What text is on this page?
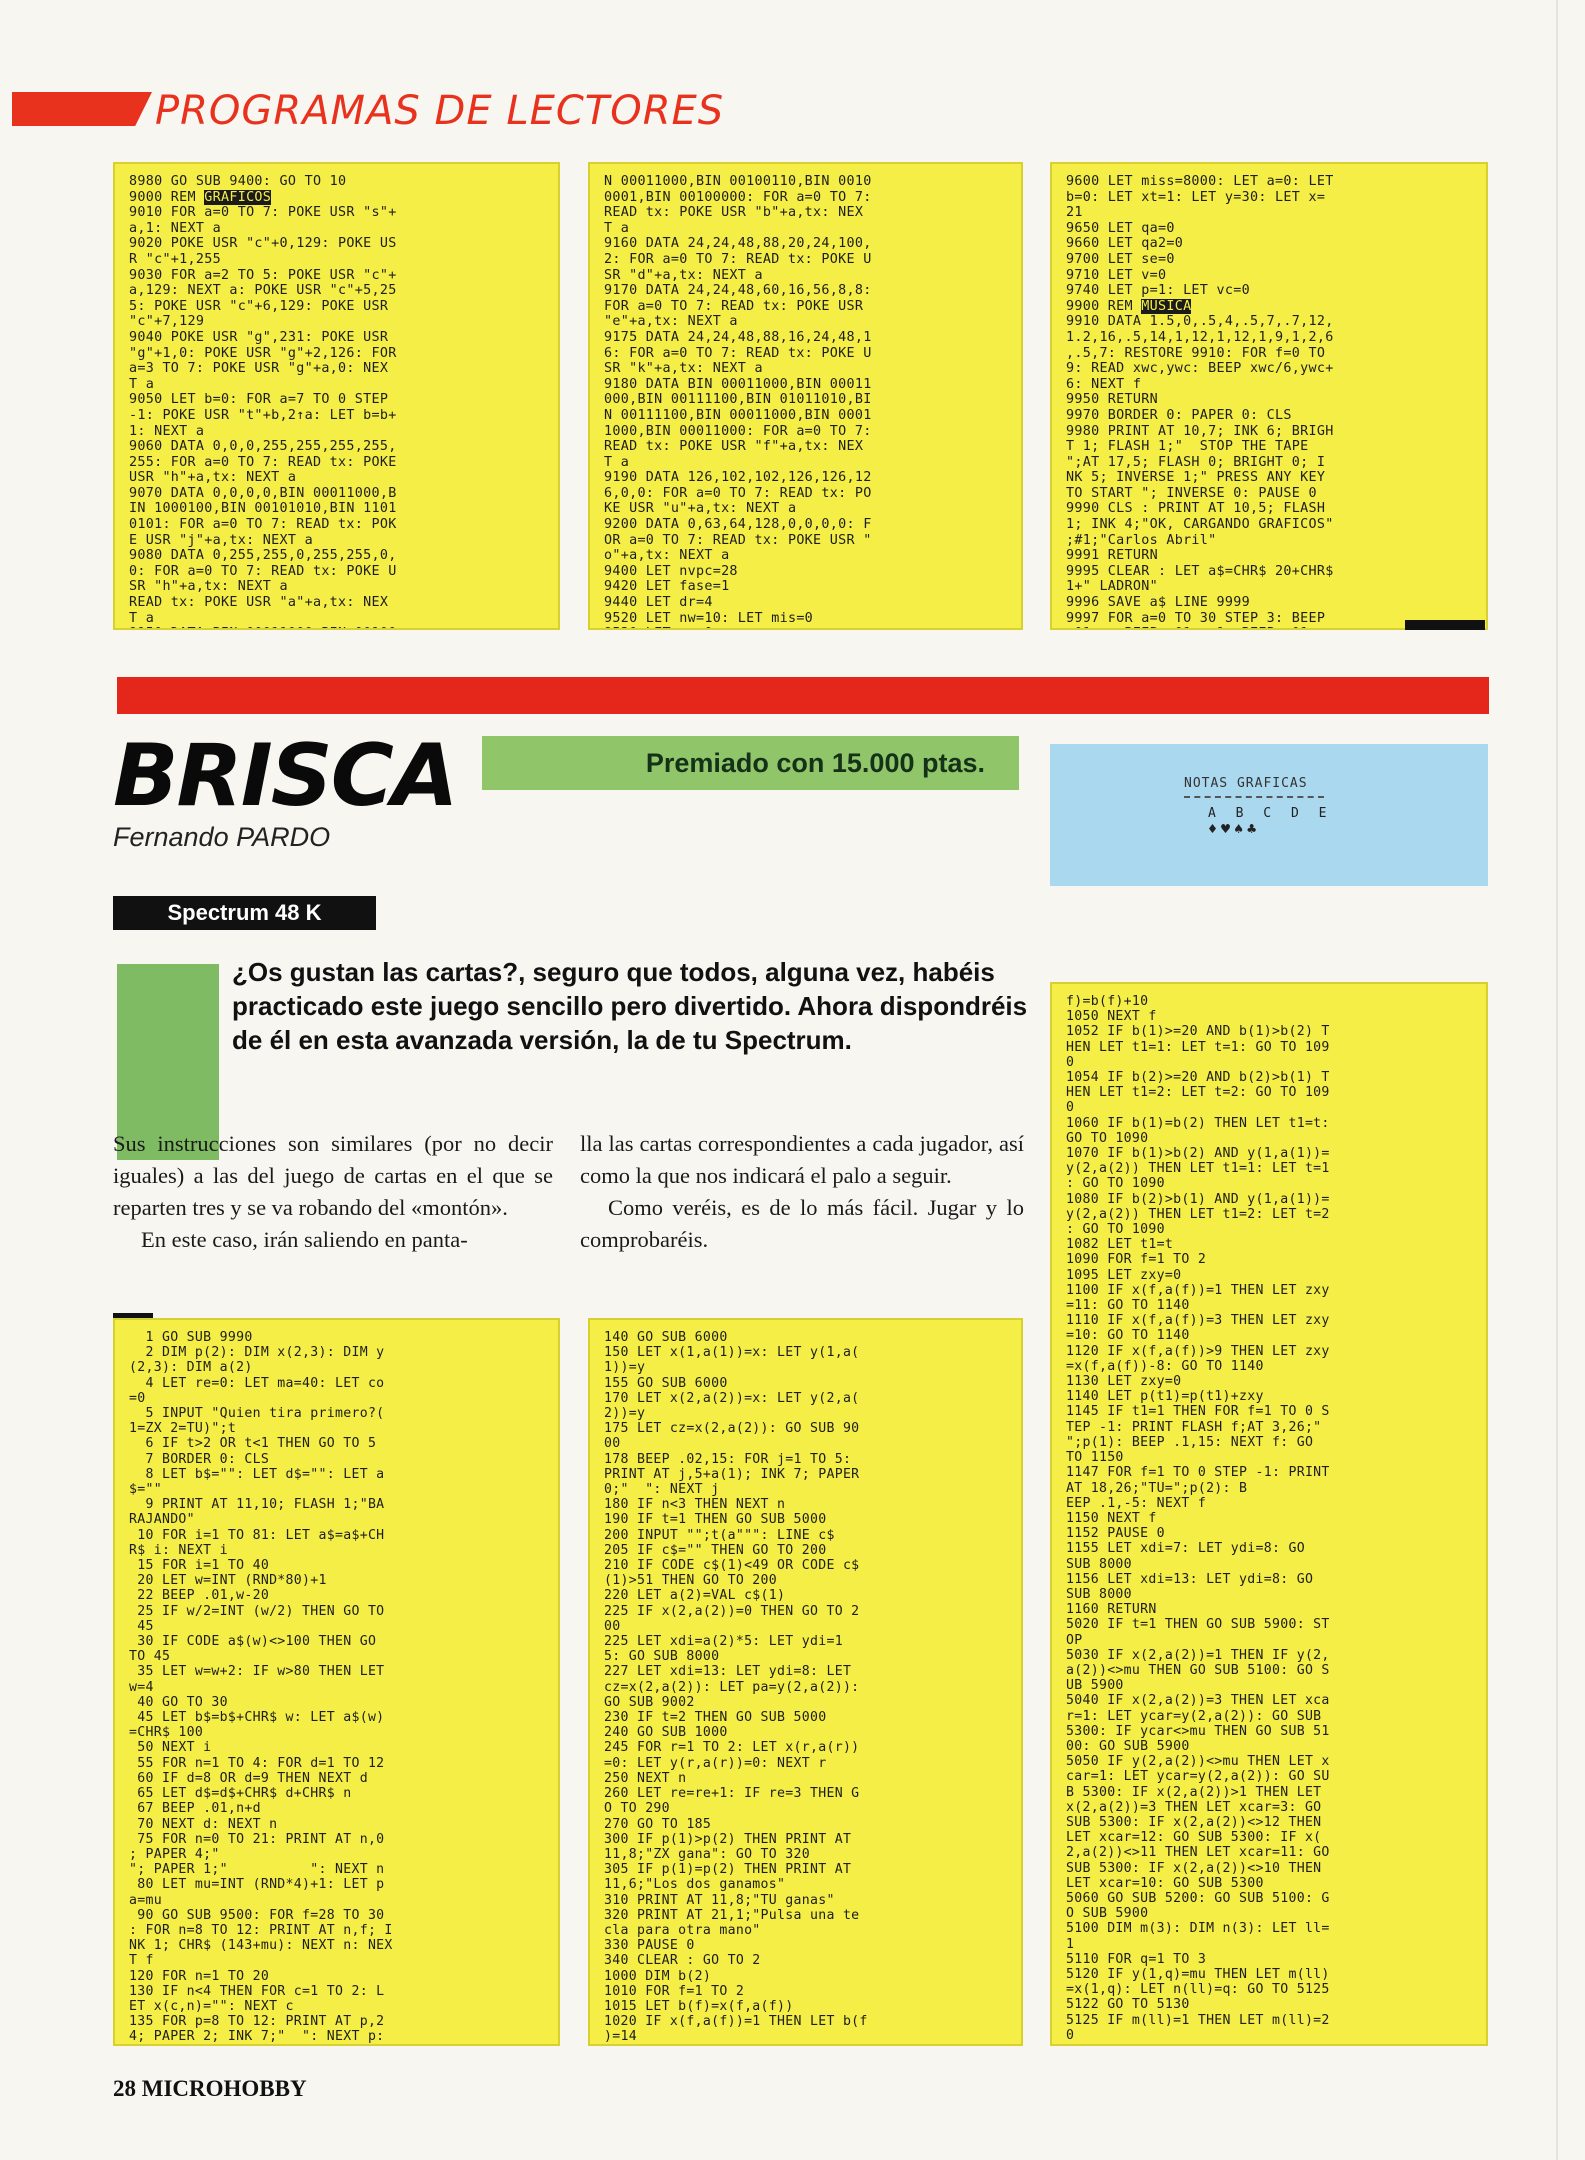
PROGRAMAS DE LECTORES
8980 GO SUB 9400: GO TO 10
9000 REM GRAFICOS
9010 FOR a=0 TO 7: POKE USR "s"+
a,1: NEXT a
9020 POKE USR "c"+0,129: POKE US
R "c"+1,255
9030 FOR a=2 TO 5: POKE USR "c"+
a,129: NEXT a: POKE USR "c"+5,25
5: POKE USR "c"+6,129: POKE USR
"c"+7,129
9040 POKE USR "g",231: POKE USR
"g"+1,0: POKE USR "g"+2,126: FOR
a=3 TO 7: POKE USR "g"+a,0: NEX
T a
9050 LET b=0: FOR a=7 TO 0 STEP
-1: POKE USR "t"+b,2↑a: LET b=b+
1: NEXT a
9060 DATA 0,0,0,255,255,255,255,
255: FOR a=0 TO 7: READ tx: POKE
USR "h"+a,tx: NEXT a
9070 DATA 0,0,0,0,BIN 00011000,B
IN 1000100,BIN 00101010,BIN 1101
0101: FOR a=0 TO 7: READ tx: POK
E USR "j"+a,tx: NEXT a
9080 DATA 0,255,255,0,255,255,0,
0: FOR a=0 TO 7: READ tx: POKE U
SR "h"+a,tx: NEXT a
READ tx: POKE USR "a"+a,tx: NEX
T a

N 00011000,BIN 00100110,BIN 0010
0001,BIN 00100000: FOR a=0 TO 7:
READ tx: POKE USR "b"+a,tx: NEX
T a
9160 DATA 24,24,48,88,20,24,100,
2: FOR a=0 TO 7: READ tx: POKE U
SR "d"+a,tx: NEXT a
9170 DATA 24,24,48,60,16,56,8,8:
FOR a=0 TO 7: READ tx: POKE USR
"e"+a,tx: NEXT a
9175 DATA 24,24,48,88,16,24,48,1
6: FOR a=0 TO 7: READ tx: POKE U
SR "k"+a,tx: NEXT a
9180 DATA BIN 00011000,BIN 00011
000,BIN 00111100,BIN 01011010,BI
N 00111100,BIN 00011000,BIN 0001
1000,BIN 00011000: FOR a=0 TO 7:
READ tx: POKE USR "f"+a,tx: NEX
T a
9190 DATA 126,102,102,126,126,12
6,0,0: FOR a=0 TO 7: READ tx: PO
KE USR "u"+a,tx: NEXT a
9200 DATA 0,63,64,128,0,0,0,0: F
OR a=0 TO 7: READ tx: POKE USR "
o"+a,tx: NEXT a
9400 LET nvpc=28
9420 LET fase=1
9440 LET dr=4
9520 LET nw=10: LET mis=0

9600 LET miss=8000: LET a=0: LET
b=0: LET xt=1: LET y=30: LET x=
21
9650 LET qa=0
9660 LET qa2=0
9700 LET se=0
9710 LET v=0
9740 LET p=1: LET vc=0
9900 REM MUSICA
9910 DATA 1.5,0,.5,4,.5,7,.7,12,
1.2,16,.5,14,1,12,1,12,1,9,1,2,6
,.5,7: RESTORE 9910: FOR f=0 TO
9: READ xwc,ywc: BEEP xwc/6,ywc+
6: NEXT f
9950 RETURN
9970 BORDER 0: PAPER 0: CLS
9980 PRINT AT 10,7; INK 6; BRIGH
T 1; FLASH 1;"  STOP THE TAPE
";AT 17,5; FLASH 0; BRIGHT 0; I
NK 5; INVERSE 1;" PRESS ANY KEY
TO START "; INVERSE 0: PAUSE 0
9990 CLS : PRINT AT 10,5; FLASH
1; INK 4;"OK, CARGANDO GRAFICOS"
;#1;"Carlos Abril"
9991 RETURN
9995 CLEAR : LET a$=CHR$ 20+CHR$
1+" LADRON"
9996 SAVE a$ LINE 9999
9997 FOR a=0 TO 30 STEP 3: BEEP

BRISCA
Fernando PARDO
Premiado con 15.000 ptas.
NOTAS GRAFICAS
A B C D E
♦♥♠♣
Spectrum 48 K
¿Os gustan las cartas?, seguro que todos, alguna vez, habéis practicado este juego sencillo pero divertido. Ahora dispondréis de él en esta avanzada versión, la de tu Spectrum.

Sus instrucciones son similares (por no decir iguales) a las del juego de cartas en el que se reparten tres y se va robando del «montón».

En este caso, irán saliendo en panta-

lla las cartas correspondientes a cada jugador, así como la que nos indicará el palo a seguir.

Como veréis, es de lo más fácil. Jugar y lo comprobaréis.

1 GO SUB 9990
2 DIM p(2): DIM x(2,3): DIM y
(2,3): DIM a(2)
4 LET re=0: LET ma=40: LET co
=0
5 INPUT "Quien tira primero?(
1=ZX 2=TU)";t
6 IF t>2 OR t<1 THEN GO TO 5
7 BORDER 0: CLS
8 LET b$="": LET d$="": LET a
$=""
9 PRINT AT 11,10; FLASH 1;"BA
RAJANDO"
10 FOR i=1 TO 81: LET a$=a$+CH
R$ i: NEXT i
15 FOR i=1 TO 40
20 LET w=INT (RND*80)+1
22 BEEP .01,w-20
25 IF w/2=INT (w/2) THEN GO TO
45
30 IF CODE a$(w)<>100 THEN GO
TO 45
35 LET w=w+2: IF w>80 THEN LET
w=4
40 GO TO 30
45 LET b$=b$+CHR$ w: LET a$(w)
=CHR$ 100
50 NEXT i
55 FOR n=1 TO 4: FOR d=1 TO 12
60 IF d=8 OR d=9 THEN NEXT d
65 LET d$=d$+CHR$ d+CHR$ n
67 BEEP .01,n+d
70 NEXT d: NEXT n
75 FOR n=0 TO 21: PRINT AT n,0
; PAPER 4;"
"; PAPER 1;"          ": NEXT n
80 LET mu=INT (RND*4)+1: LET p
a=mu
90 GO SUB 9500: FOR f=28 TO 30
: FOR n=8 TO 12: PRINT AT n,f; I
NK 1; CHR$ (143+mu): NEXT n: NEX
T f
120 FOR n=1 TO 20
130 IF n<4 THEN FOR c=1 TO 2: L
ET x(c,n)="": NEXT c
135 FOR p=8 TO 12: PRINT AT p,2
4; PAPER 2; INK 7;"  ": NEXT p:

140 GO SUB 6000
150 LET x(1,a(1))=x: LET y(1,a(
1))=y
155 GO SUB 6000
170 LET x(2,a(2))=x: LET y(2,a(
2))=y
175 LET cz=x(2,a(2)): GO SUB 90
00
178 BEEP .02,15: FOR j=1 TO 5:
PRINT AT j,5+a(1); INK 7; PAPER
0;"  ": NEXT j
180 IF n<3 THEN NEXT n
190 IF t=1 THEN GO SUB 5000
200 INPUT "";t(a""": LINE c$
205 IF c$="" THEN GO TO 200
210 IF CODE c$(1)<49 OR CODE c$
(1)>51 THEN GO TO 200
220 LET a(2)=VAL c$(1)
225 IF x(2,a(2))=0 THEN GO TO 2
00
225 LET xdi=a(2)*5: LET ydi=1
5: GO SUB 8000
227 LET xdi=13: LET ydi=8: LET
cz=x(2,a(2)): LET pa=y(2,a(2)):
GO SUB 9002
230 IF t=2 THEN GO SUB 5000
240 GO SUB 1000
245 FOR r=1 TO 2: LET x(r,a(r))
=0: LET y(r,a(r))=0: NEXT r
250 NEXT n
260 LET re=re+1: IF re=3 THEN G
O TO 290
270 GO TO 185
300 IF p(1)>p(2) THEN PRINT AT
11,8;"ZX gana": GO TO 320
305 IF p(1)=p(2) THEN PRINT AT
11,6;"Los dos ganamos"
310 PRINT AT 11,8;"TU ganas"
320 PRINT AT 21,1;"Pulsa una te
cla para otra mano"
330 PAUSE 0
340 CLEAR : GO TO 2
1000 DIM b(2)
1010 FOR f=1 TO 2
1015 LET b(f)=x(f,a(f))
1020 IF x(f,a(f))=1 THEN LET b(f
)=14

f)=b(f)+10
1050 NEXT f
1052 IF b(1)>=20 AND b(1)>b(2) T
HEN LET t1=1: LET t=1: GO TO 109
0
1054 IF b(2)>=20 AND b(2)>b(1) T
HEN LET t1=2: LET t=2: GO TO 109
0
1060 IF b(1)=b(2) THEN LET t1=t:
GO TO 1090
1070 IF b(1)>b(2) AND y(1,a(1))=
y(2,a(2)) THEN LET t1=1: LET t=1
: GO TO 1090
1080 IF b(2)>b(1) AND y(1,a(1))=
y(2,a(2)) THEN LET t1=2: LET t=2
: GO TO 1090
1082 LET t1=t
1090 FOR f=1 TO 2
1095 LET zxy=0
1100 IF x(f,a(f))=1 THEN LET zxy
=11: GO TO 1140
1110 IF x(f,a(f))=3 THEN LET zxy
=10: GO TO 1140
1120 IF x(f,a(f))>9 THEN LET zxy
=x(f,a(f))-8: GO TO 1140
1130 LET zxy=0
1140 LET p(t1)=p(t1)+zxy
1145 IF t1=1 THEN FOR f=1 TO 0 S
TEP -1: PRINT FLASH f;AT 3,26;"
";p(1): BEEP .1,15: NEXT f: GO
TO 1150
1147 FOR f=1 TO 0 STEP -1: PRINT
AT 18,26;"TU=";p(2): B
EEP .1,-5: NEXT f
1150 NEXT f
1152 PAUSE 0
1155 LET xdi=7: LET ydi=8: GO
SUB 8000
1156 LET xdi=13: LET ydi=8: GO
SUB 8000
1160 RETURN
5020 IF t=1 THEN GO SUB 5900: ST
OP
5030 IF x(2,a(2))=1 THEN IF y(2,
a(2))<>mu THEN GO SUB 5100: GO S
UB 5900
5040 IF x(2,a(2))=3 THEN LET xca
r=1: LET ycar=y(2,a(2)): GO SUB
5300: IF ycar<>mu THEN GO SUB 51
00: GO SUB 5900
5050 IF y(2,a(2))<>mu THEN LET x
car=1: LET ycar=y(2,a(2)): GO SU
B 5300: IF x(2,a(2))>1 THEN LET
x(2,a(2))=3 THEN LET xcar=3: GO
SUB 5300: IF x(2,a(2))<>12 THEN
LET xcar=12: GO SUB 5300: IF x(
2,a(2))<>11 THEN LET xcar=11: GO
SUB 5300: IF x(2,a(2))<>10 THEN
LET xcar=10: GO SUB 5300
5060 GO SUB 5200: GO SUB 5100: G
O SUB 5900
5100 DIM m(3): DIM n(3): LET ll=
1
5110 FOR q=1 TO 3
5120 IF y(1,q)=mu THEN LET m(ll)
=x(1,q): LET n(ll)=q: GO TO 5125
5122 GO TO 5130
5125 IF m(ll)=1 THEN LET m(ll)=2
0

28 MICROHOBBY
